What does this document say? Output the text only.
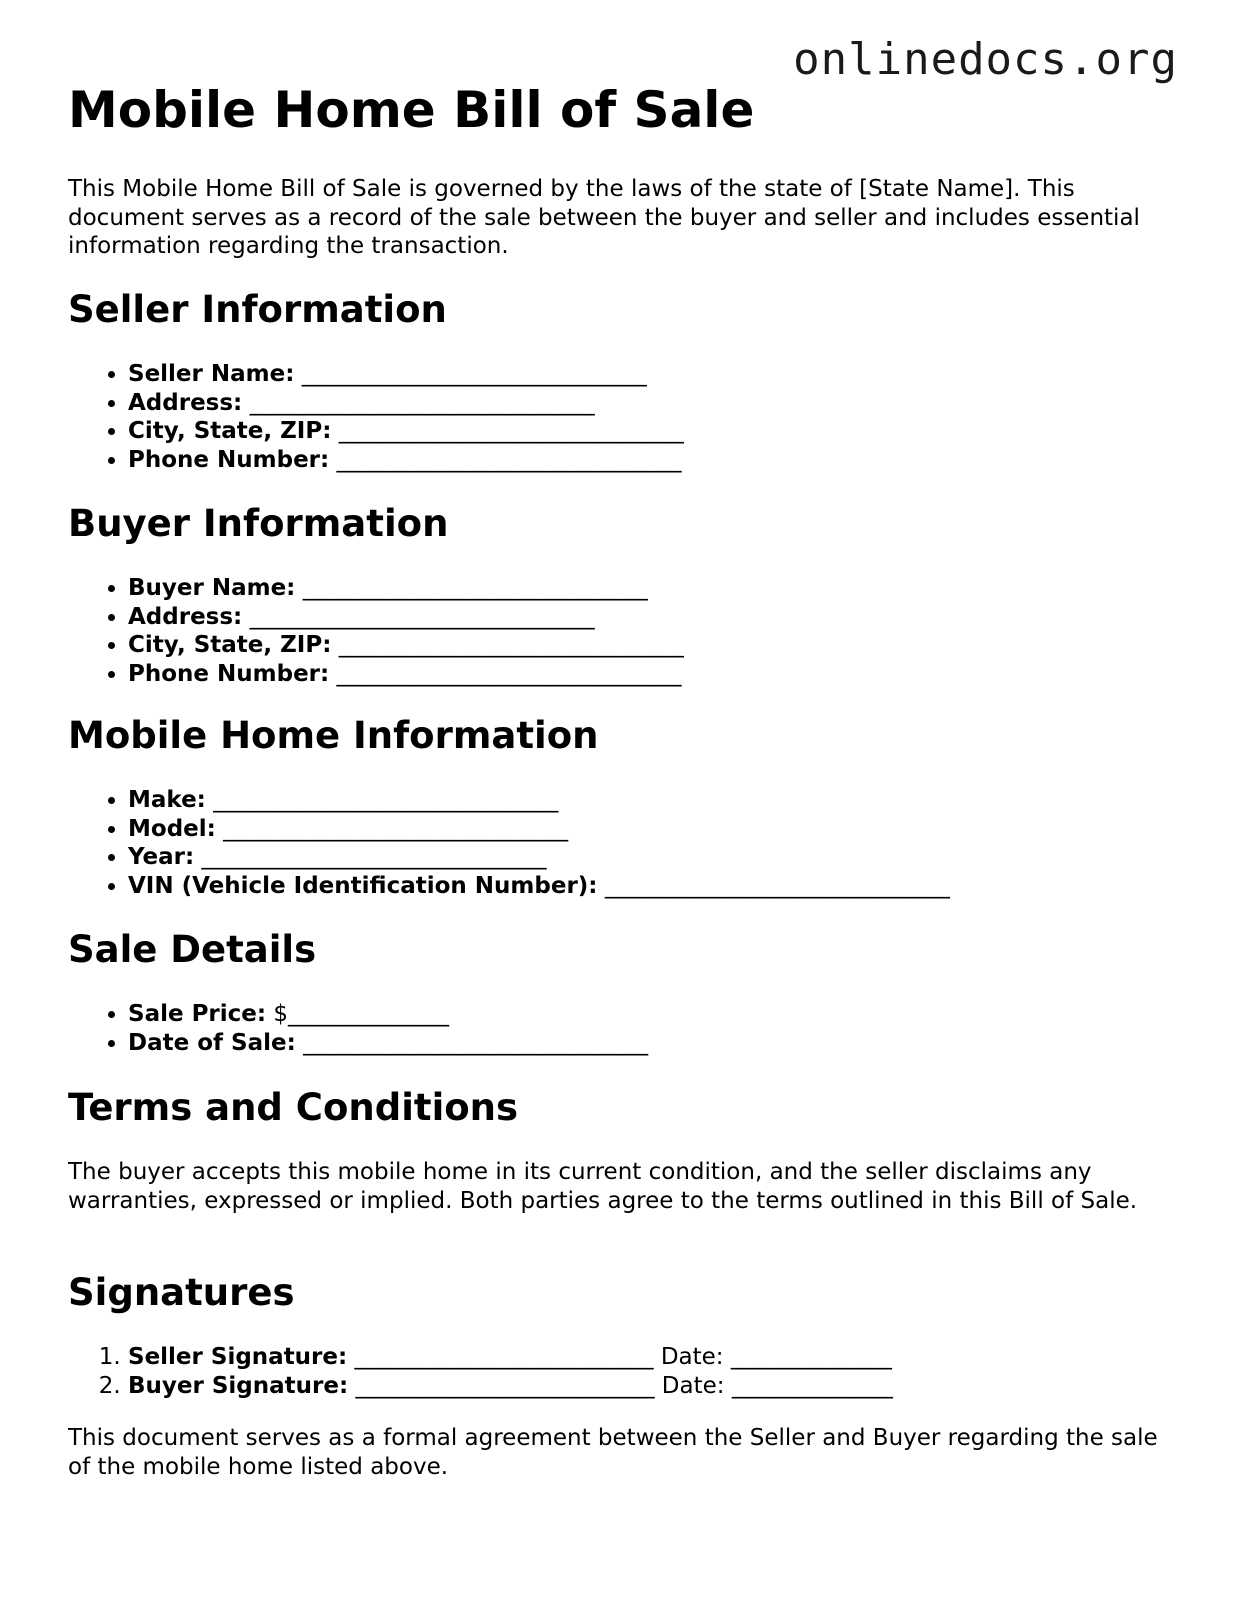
onlinedocs.org
Mobile Home Bill of Sale

This Mobile Home Bill of Sale is governed by the laws of the state of [State Name]. This document serves as a record of the sale between the buyer and seller and includes essential information regarding the transaction.

Seller Information
• Seller Name: ______________________________
• Address: ______________________________
• City, State, ZIP: ______________________________
• Phone Number: ______________________________
Buyer Information
• Buyer Name: ______________________________
• Address: ______________________________
• City, State, ZIP: ______________________________
• Phone Number: ______________________________
Mobile Home Information
• Make: ______________________________
• Model: ______________________________
• Year: ______________________________
• VIN (Vehicle Identification Number): ______________________________
Sale Details
• Sale Price: $______________
• Date of Sale: ______________________________
Terms and Conditions

The buyer accepts this mobile home in its current condition, and the seller disclaims any warranties, expressed or implied. Both parties agree to the terms outlined in this Bill of Sale.

Signatures
1. Seller Signature: __________________________ Date: ______________
2. Buyer Signature: __________________________ Date: ______________

This document serves as a formal agreement between the Seller and Buyer regarding the sale of the mobile home listed above.
